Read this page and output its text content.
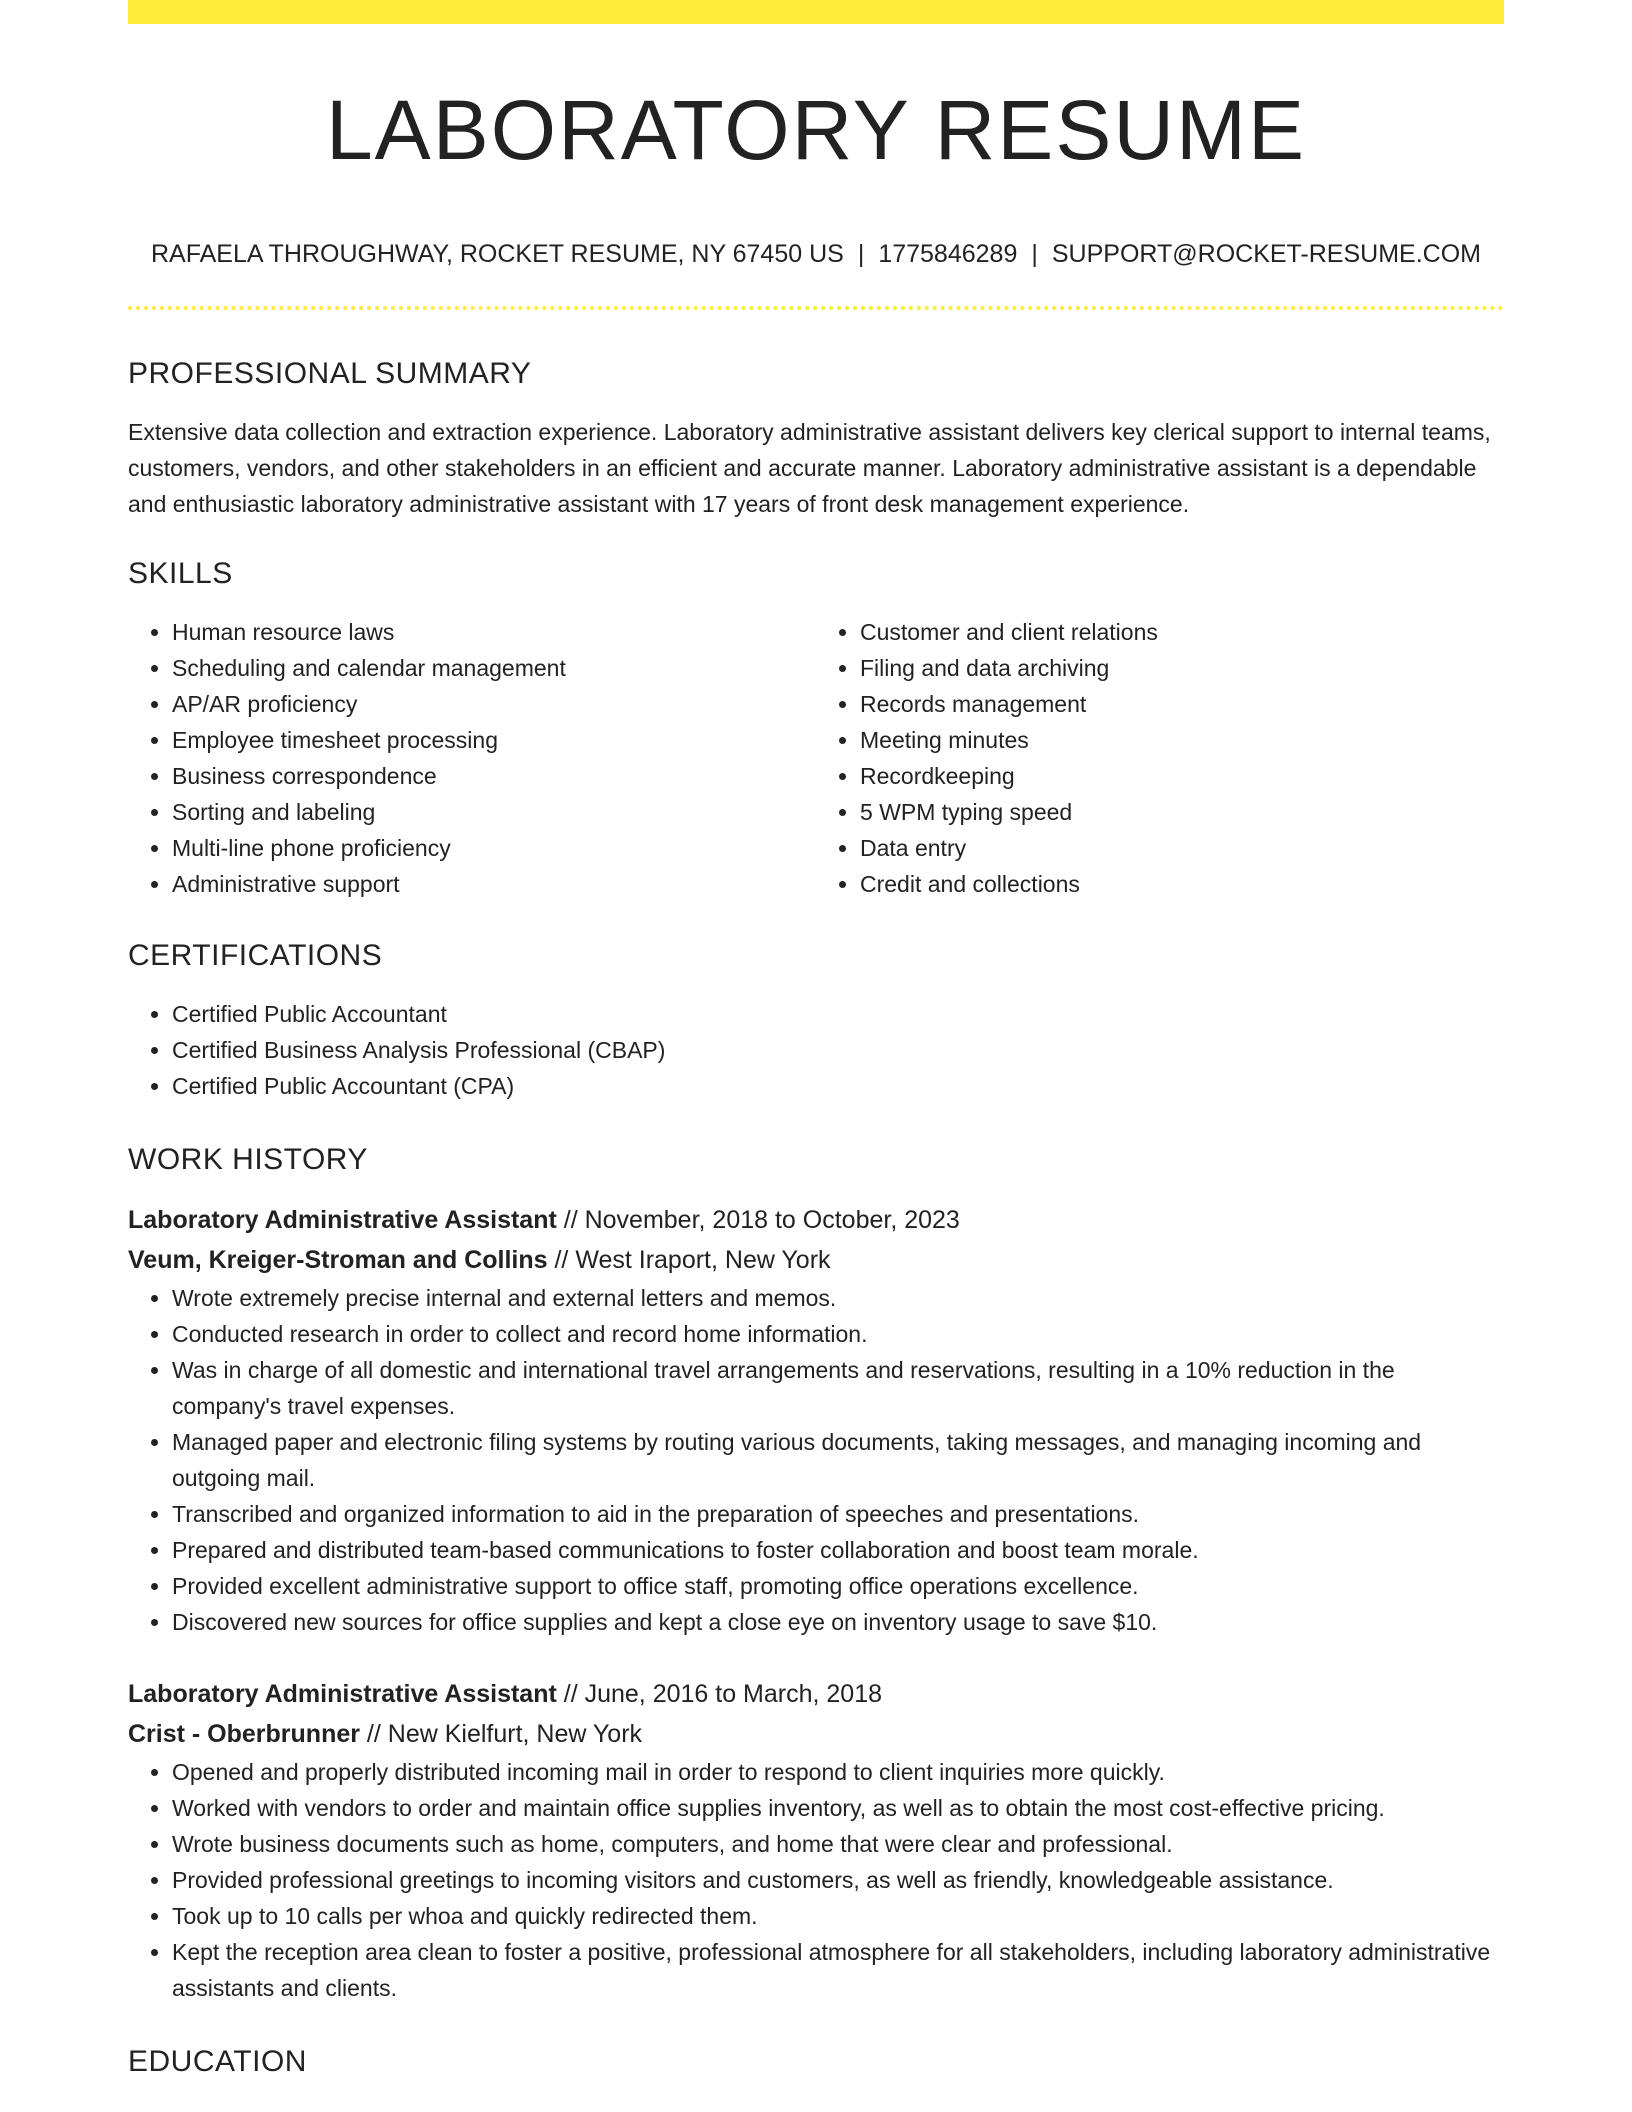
LABORATORY RESUME
RAFAELA THROUGHWAY, ROCKET RESUME, NY 67450 US | 1775846289 | SUPPORT@ROCKET-RESUME.COM
PROFESSIONAL SUMMARY

Extensive data collection and extraction experience. Laboratory administrative assistant delivers key clerical support to internal teams, customers, vendors, and other stakeholders in an efficient and accurate manner. Laboratory administrative assistant is a dependable and enthusiastic laboratory administrative assistant with 17 years of front desk management experience.

SKILLS
• Human resource laws
• Scheduling and calendar management
• AP/AR proficiency
• Employee timesheet processing
• Business correspondence
• Sorting and labeling
• Multi-line phone proficiency
• Administrative support
• Customer and client relations
• Filing and data archiving
• Records management
• Meeting minutes
• Recordkeeping
• 5 WPM typing speed
• Data entry
• Credit and collections
CERTIFICATIONS
• Certified Public Accountant
• Certified Business Analysis Professional (CBAP)
• Certified Public Accountant (CPA)
WORK HISTORY
Laboratory Administrative Assistant // November, 2018 to October, 2023
Veum, Kreiger-Stroman and Collins // West Iraport, New York
• Wrote extremely precise internal and external letters and memos.
• Conducted research in order to collect and record home information.
• Was in charge of all domestic and international travel arrangements and reservations, resulting in a 10% reduction in the company's travel expenses.
• Managed paper and electronic filing systems by routing various documents, taking messages, and managing incoming and outgoing mail.
• Transcribed and organized information to aid in the preparation of speeches and presentations.
• Prepared and distributed team-based communications to foster collaboration and boost team morale.
• Provided excellent administrative support to office staff, promoting office operations excellence.
• Discovered new sources for office supplies and kept a close eye on inventory usage to save $10.
Laboratory Administrative Assistant // June, 2016 to March, 2018
Crist - Oberbrunner // New Kielfurt, New York
• Opened and properly distributed incoming mail in order to respond to client inquiries more quickly.
• Worked with vendors to order and maintain office supplies inventory, as well as to obtain the most cost-effective pricing.
• Wrote business documents such as home, computers, and home that were clear and professional.
• Provided professional greetings to incoming visitors and customers, as well as friendly, knowledgeable assistance.
• Took up to 10 calls per whoa and quickly redirected them.
• Kept the reception area clean to foster a positive, professional atmosphere for all stakeholders, including laboratory administrative assistants and clients.
EDUCATION
